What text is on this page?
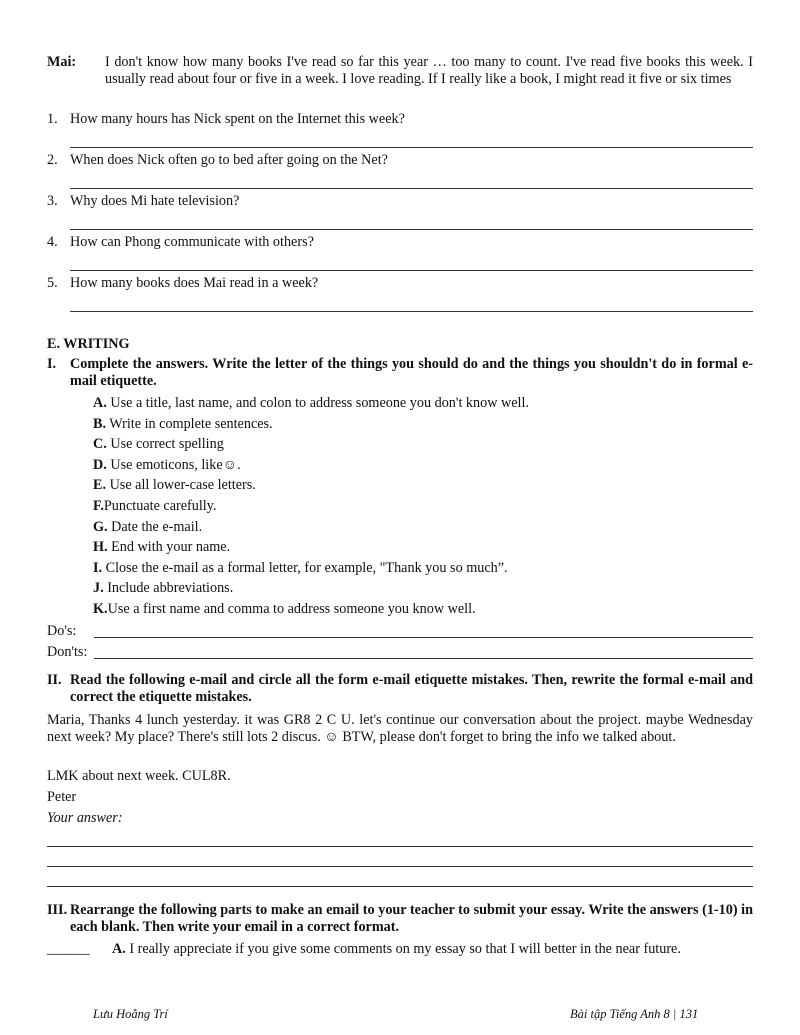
Mai: I don't know how many books I've read so far this year … too many to count. I've read five books this week. I usually read about four or five in a week. I love reading. If I really like a book, I might read it five or six times
1. How many hours has Nick spent on the Internet this week?
2. When does Nick often go to bed after going on the Net?
3. Why does Mi hate television?
4. How can Phong communicate with others?
5. How many books does Mai read in a week?
E. WRITING
I. Complete the answers. Write the letter of the things you should do and the things you shouldn't do in formal e-mail etiquette.
A. Use a title, last name, and colon to address someone you don't know well.
B. Write in complete sentences.
C. Use correct spelling
D. Use emoticons, like☺.
E. Use all lower-case letters.
F.Punctuate carefully.
G. Date the e-mail.
H. End with your name.
I. Close the e-mail as a formal letter, for example, "Thank you so much”.
J. Include abbreviations.
K.Use a first name and comma to address someone you know well.
Do's:
Don'ts:
II. Read the following e-mail and circle all the form e-mail etiquette mistakes. Then, rewrite the formal e-mail and correct the etiquette mistakes.
Maria, Thanks 4 lunch yesterday. it was GR8 2 C U. let's continue our conversation about the project. maybe Wednesday next week? My place? There's still lots 2 discus. ☺ BTW, please don't forget to bring the info we talked about.
LMK about next week. CUL8R.
Peter
Your answer:
III. Rearrange the following parts to make an email to your teacher to submit your essay. Write the answers (1-10) in each blank. Then write your email in a correct format.
______ A. I really appreciate if you give some comments on my essay so that I will better in the near future.
Lưu Hoằng Trí	Bài tập Tiếng Anh 8 | 131
